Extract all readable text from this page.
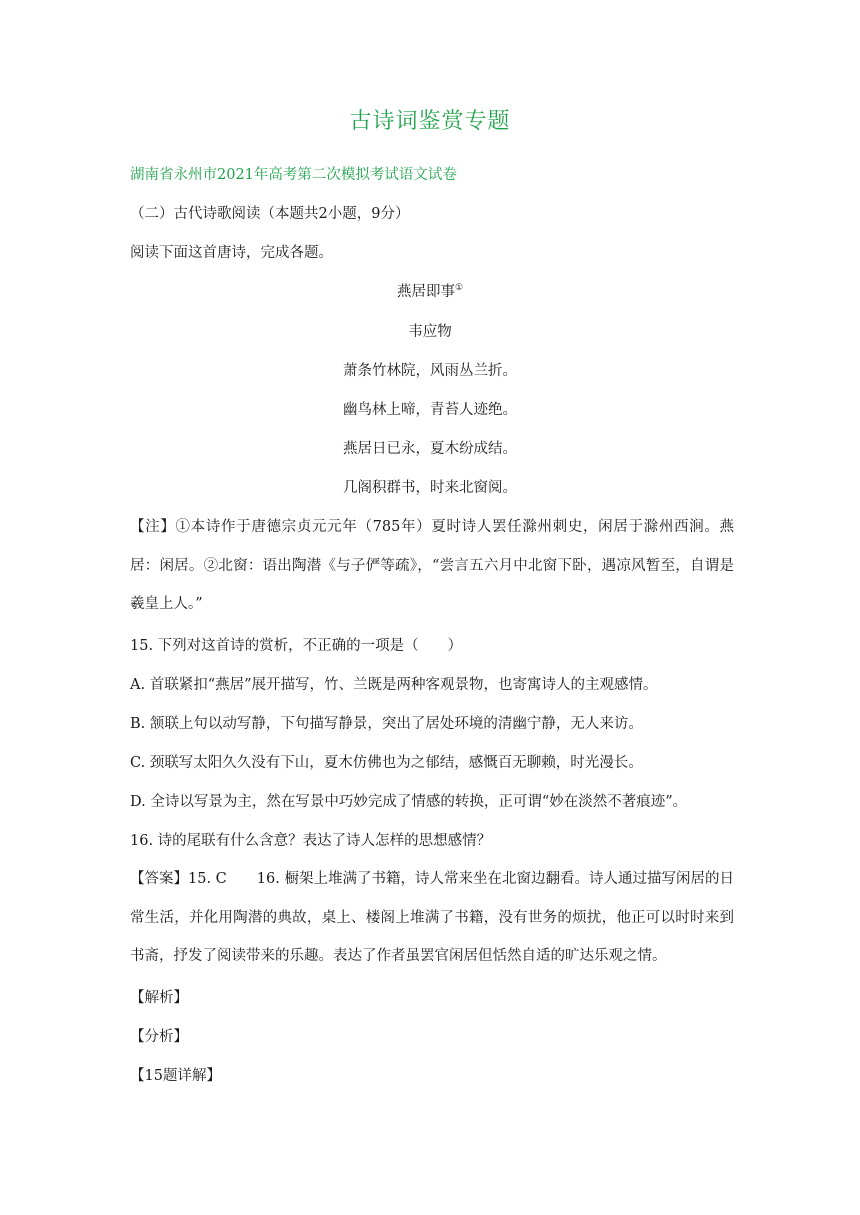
古诗词鉴赏专题
湖南省永州市2021年高考第二次模拟考试语文试卷
（二）古代诗歌阅读（本题共2小题，9分）
阅读下面这首唐诗，完成各题。
燕居即事①
韦应物
萧条竹林院，风雨丛兰折。
幽鸟林上啼，青苔人迹绝。
燕居日已永，夏木纷成结。
几阁积群书，时来北窗阅。
【注】①本诗作于唐德宗贞元元年（785年）夏时诗人罢任滁州刺史，闲居于滁州西涧。燕居：闲居。②北窗：语出陶潜《与子俨等疏》，“尝言五六月中北窗下卧，遇凉风暂至，自谓是羲皇上人。”
15. 下列对这首诗的赏析，不正确的一项是（　　）
A. 首联紧扣“燕居”展开描写，竹、兰既是两种客观景物，也寄寓诗人的主观感情。
B. 颔联上句以动写静，下句描写静景，突出了居处环境的清幽宁静，无人来访。
C. 颈联写太阳久久没有下山，夏木仿佛也为之郁结，感慨百无聊赖，时光漫长。
D. 全诗以写景为主，然在写景中巧妙完成了情感的转换，正可谓“妙在淡然不著痕迹”。
16. 诗的尾联有什么含意？表达了诗人怎样的思想感情？
【答案】15. C 16. 橱架上堆满了书籍，诗人常来坐在北窗边翻看。诗人通过描写闲居的日常生活，并化用陶潜的典故，桌上、楼阁上堆满了书籍，没有世务的烦扰，他正可以时时来到书斋，抒发了阅读带来的乐趣。表达了作者虽罢官闲居但恬然自适的旷达乐观之情。
【解析】
【分析】
【15题详解】
